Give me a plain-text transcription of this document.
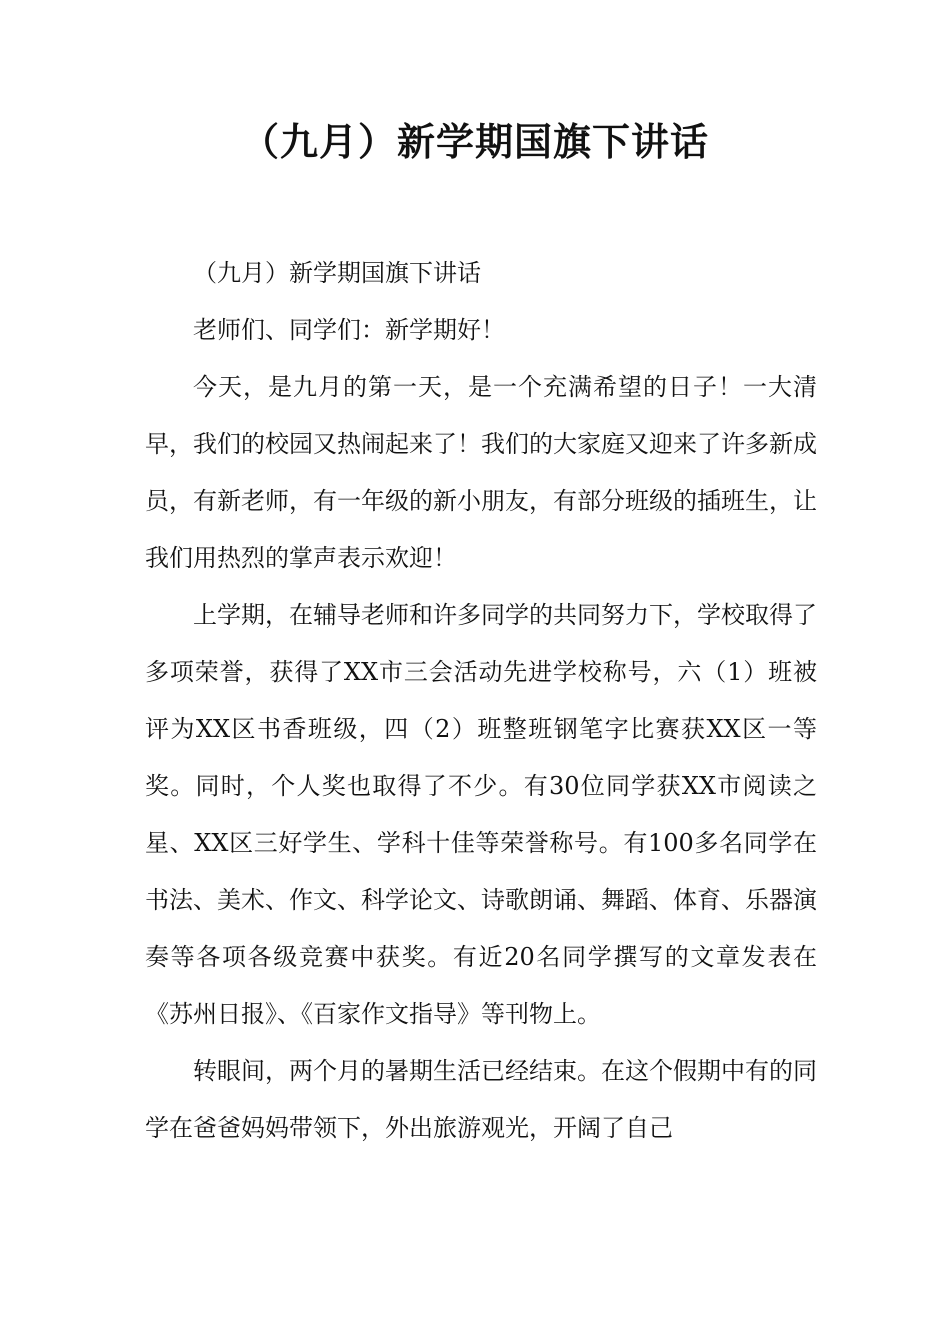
（九月）新学期国旗下讲话

（九月）新学期国旗下讲话

老师们、同学们：新学期好！

今天，是九月的第一天，是一个充满希望的日子！一大清早，我们的校园又热闹起来了！我们的大家庭又迎来了许多新成员，有新老师，有一年级的新小朋友，有部分班级的插班生，让我们用热烈的掌声表示欢迎！

上学期，在辅导老师和许多同学的共同努力下，学校取得了多项荣誉，获得了XX市三会活动先进学校称号，六（1）班被评为XX区书香班级，四（2）班整班钢笔字比赛获XX区一等奖。同时，个人奖也取得了不少。有30位同学获XX市阅读之星、XX区三好学生、学科十佳等荣誉称号。有100多名同学在书法、美术、作文、科学论文、诗歌朗诵、舞蹈、体育、乐器演奏等各项各级竞赛中获奖。有近20名同学撰写的文章发表在《苏州日报》、《百家作文指导》等刊物上。

转眼间，两个月的暑期生活已经结束。在这个假期中有的同学在爸爸妈妈带领下，外出旅游观光，开阔了自己
